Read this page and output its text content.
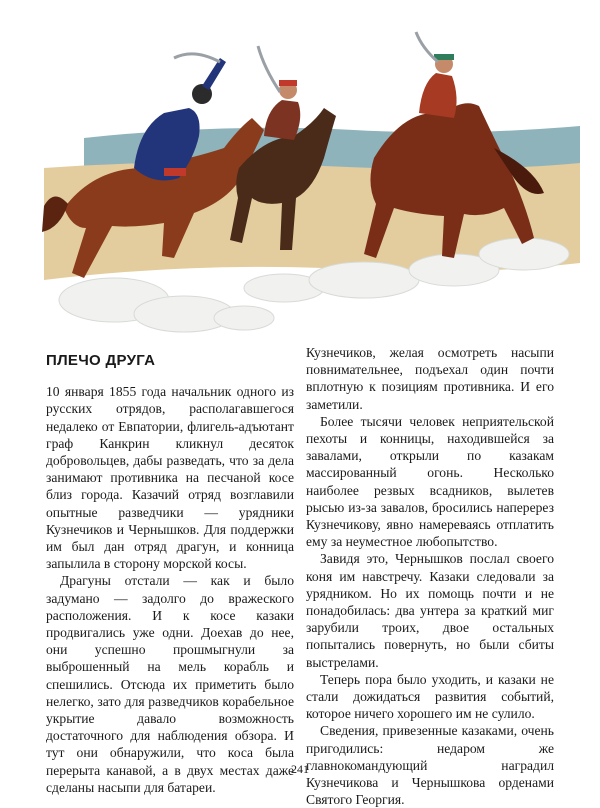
ПЛЕЧО ДРУГА

10 января 1855 года начальник одного из русских отрядов, располагавшегося недалеко от Евпатории, флигель-адъютант граф Канкрин кликнул десяток добровольцев, дабы разведать, что за дела занимают противника на песчаной косе близ города. Казачий отряд возглавили опытные разведчики — урядники Кузнечиков и Чернышков. Для поддержки им был дан отряд драгун, и конница запылила в сторону морской косы.

Драгуны отстали — как и было задумано — задолго до вражеского расположения. И к косе казаки продвигались уже одни. Доехав до нее, они успешно прошмыгнули за выброшенный на мель корабль и спешились. Отсюда их приметить было нелегко, зато для разведчиков корабельное укрытие давало возможность достаточного для наблюдения обзора. И тут они обнаружили, что коса была перерыта канавой, а в двух местах даже сделаны насыпи для батареи.

Кузнечиков, желая осмотреть насыпи повнимательнее, подъехал один почти вплотную к позициям противника. И его заметили.

Более тысячи человек неприятельской пехоты и конницы, находившейся за завалами, открыли по казакам массированный огонь. Несколько наиболее резвых всадников, вылетев рысью из-за завалов, бросились наперерез Кузнечикову, явно намереваясь отплатить ему за неуместное любопытство.

Завидя это, Чернышков послал своего коня им навстречу. Казаки следовали за урядником. Но их помощь почти и не понадобилась: два унтера за краткий миг зарубили троих, двое остальных попытались повернуть, но были сбиты выстрелами.

Теперь пора было уходить, и казаки не стали дожидаться развития событий, которое ничего хорошего им не сулило.

Сведения, привезенные казаками, очень пригодились: недаром же главнокомандующий наградил Кузнечикова и Чернышкова орденами Святого Георгия.

241
